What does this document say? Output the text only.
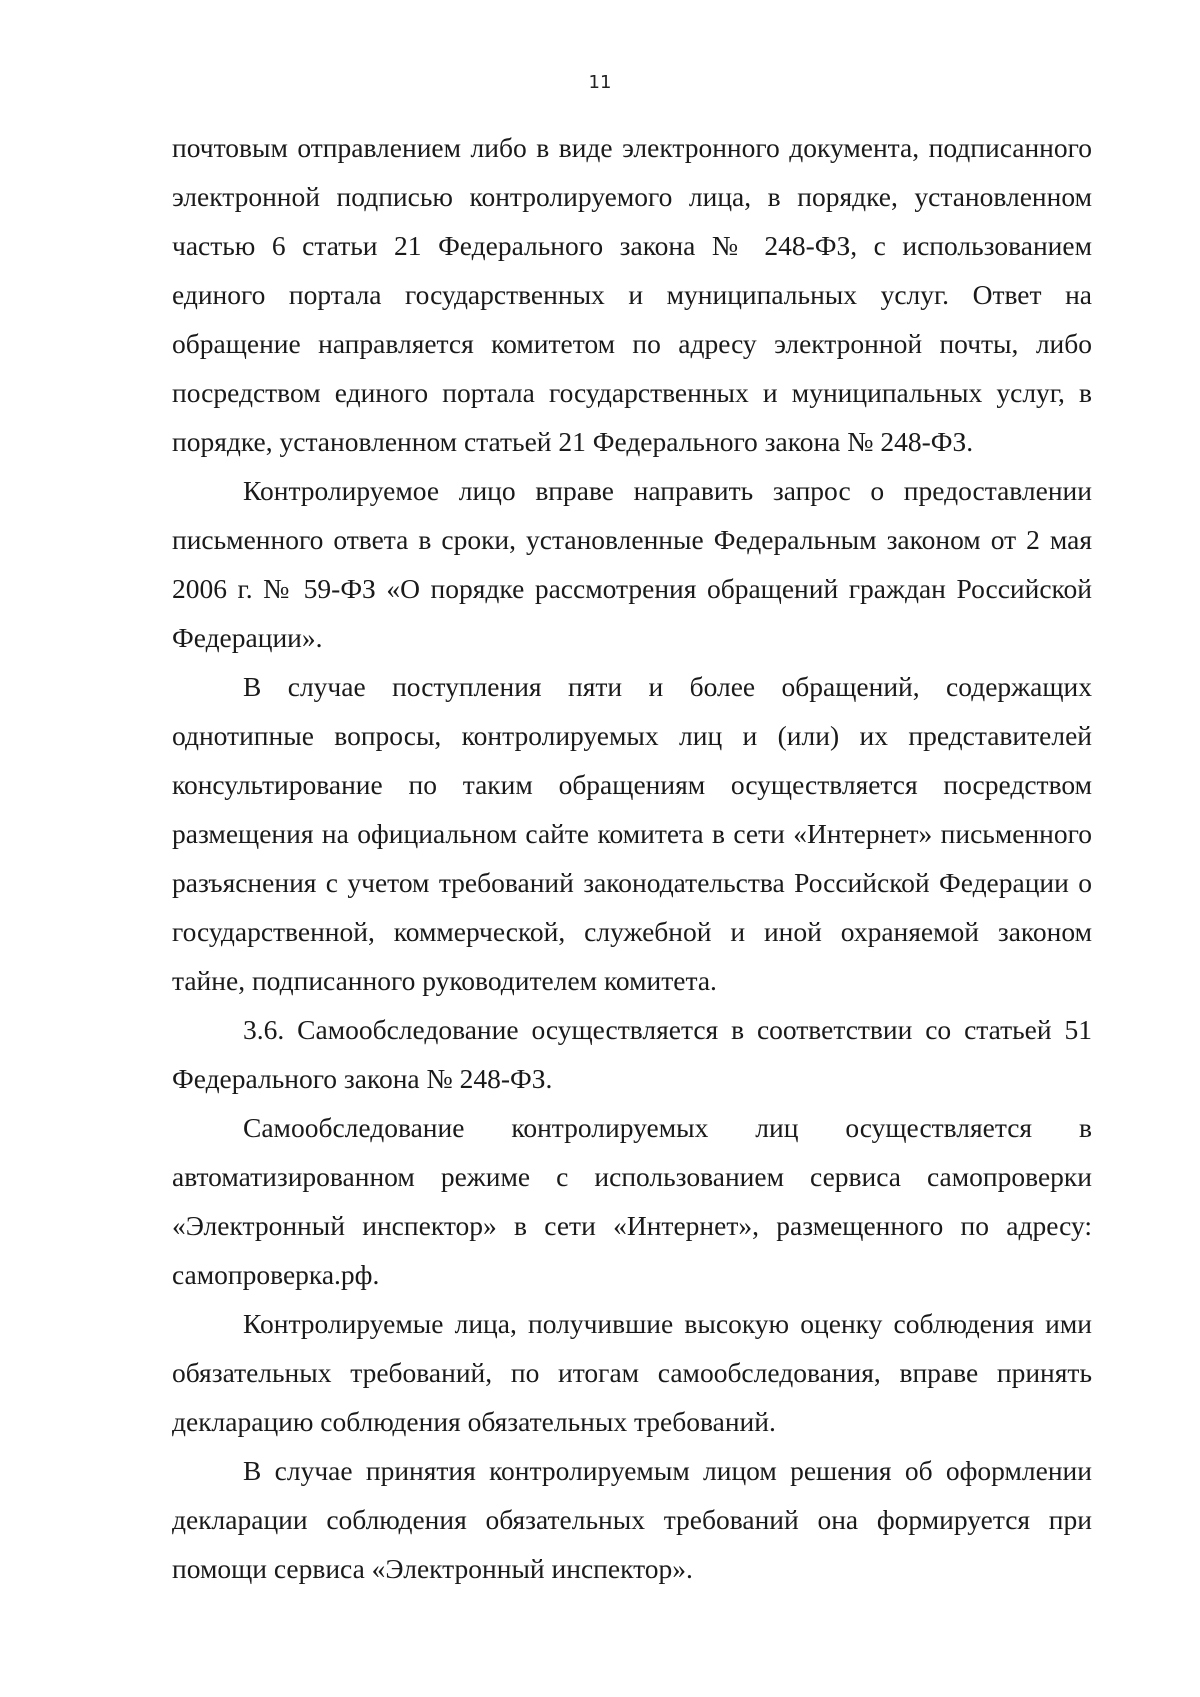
11

почтовым отправлением либо в виде электронного документа, подписанного электронной подписью контролируемого лица, в порядке, установленном частью 6 статьи 21 Федерального закона № 248-ФЗ, с использованием единого портала государственных и муниципальных услуг. Ответ на обращение направляется комитетом по адресу электронной почты, либо посредством единого портала государственных и муниципальных услуг, в порядке, установленном статьей 21 Федерального закона № 248-ФЗ.

Контролируемое лицо вправе направить запрос о предоставлении письменного ответа в сроки, установленные Федеральным законом от 2 мая 2006 г. № 59-ФЗ «О порядке рассмотрения обращений граждан Российской Федерации».

В случае поступления пяти и более обращений, содержащих однотипные вопросы, контролируемых лиц и (или) их представителей консультирование по таким обращениям осуществляется посредством размещения на официальном сайте комитета в сети «Интернет» письменного разъяснения с учетом требований законодательства Российской Федерации о государственной, коммерческой, служебной и иной охраняемой законом тайне, подписанного руководителем комитета.

3.6. Самообследование осуществляется в соответствии со статьей 51 Федерального закона № 248-ФЗ.

Самообследование контролируемых лиц осуществляется в автоматизированном режиме с использованием сервиса самопроверки «Электронный инспектор» в сети «Интернет», размещенного по адресу: самопроверка.рф.

Контролируемые лица, получившие высокую оценку соблюдения ими обязательных требований, по итогам самообследования, вправе принять декларацию соблюдения обязательных требований.

В случае принятия контролируемым лицом решения об оформлении декларации соблюдения обязательных требований она формируется при помощи сервиса «Электронный инспектор».
